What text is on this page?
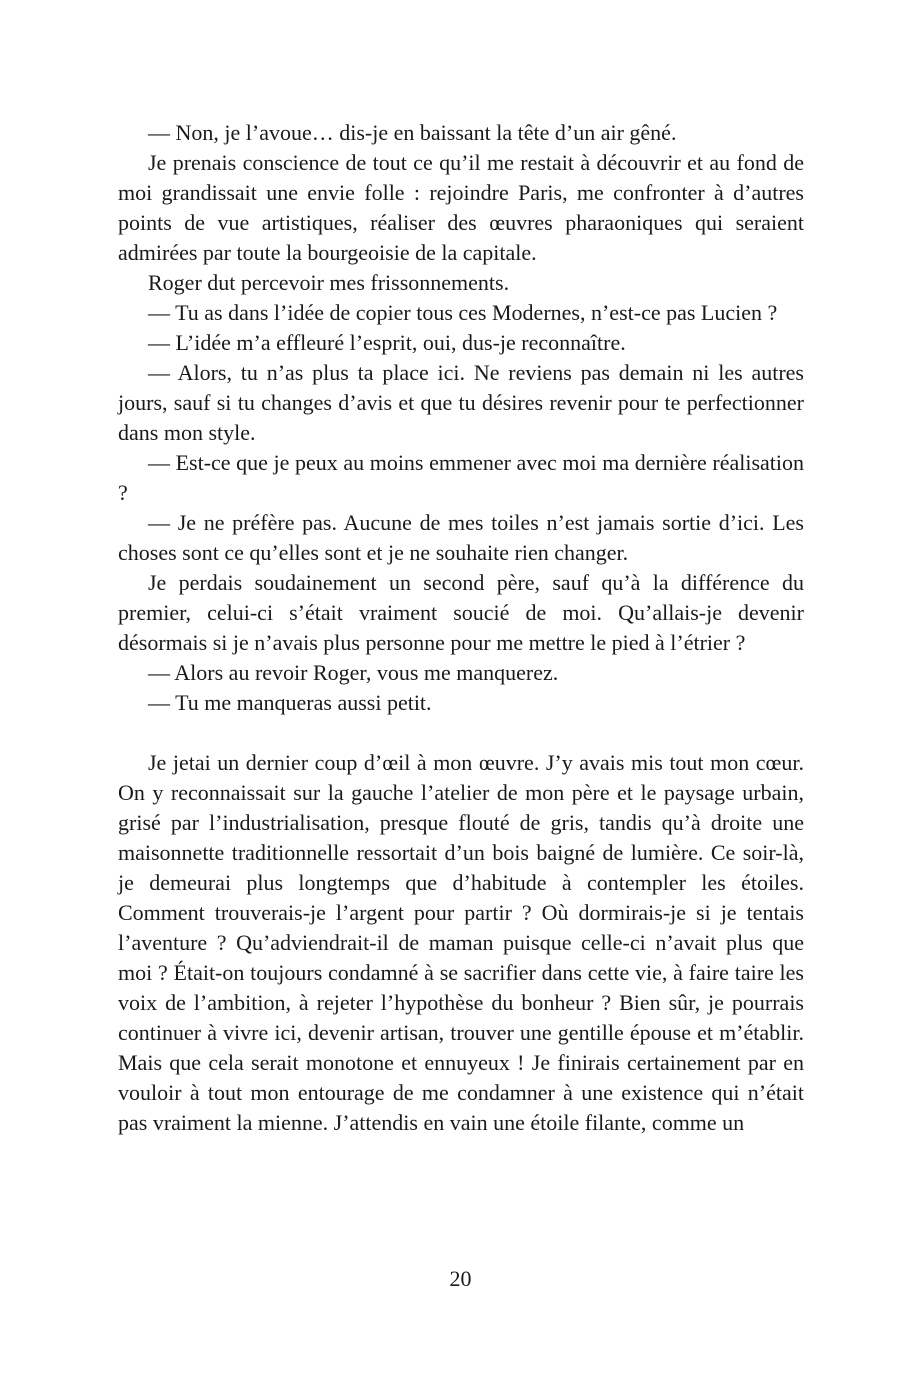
— Non, je l’avoue… dis-je en baissant la tête d’un air gêné.

Je prenais conscience de tout ce qu’il me restait à découvrir et au fond de moi grandissait une envie folle : rejoindre Paris, me confronter à d’autres points de vue artistiques, réaliser des œuvres pharaoniques qui seraient admirées par toute la bourgeoisie de la capitale.

Roger dut percevoir mes frissonnements.

— Tu as dans l’idée de copier tous ces Modernes, n’est-ce pas Lucien ?

— L’idée m’a effleuré l’esprit, oui, dus-je reconnaître.

— Alors, tu n’as plus ta place ici. Ne reviens pas demain ni les autres jours, sauf si tu changes d’avis et que tu désires revenir pour te perfectionner dans mon style.

— Est-ce que je peux au moins emmener avec moi ma dernière réalisation ?

— Je ne préfère pas. Aucune de mes toiles n’est jamais sortie d’ici. Les choses sont ce qu’elles sont et je ne souhaite rien changer.

Je perdais soudainement un second père, sauf qu’à la différence du premier, celui-ci s’était vraiment soucié de moi. Qu’allais-je devenir désormais si je n’avais plus personne pour me mettre le pied à l’étrier ?

— Alors au revoir Roger, vous me manquerez.

— Tu me manqueras aussi petit.

Je jetai un dernier coup d’œil à mon œuvre. J’y avais mis tout mon cœur. On y reconnaissait sur la gauche l’atelier de mon père et le paysage urbain, grisé par l’industrialisation, presque flouté de gris, tandis qu’à droite une maisonnette traditionnelle ressortait d’un bois baigné de lumière. Ce soir-là, je demeurai plus longtemps que d’habitude à contempler les étoiles. Comment trouverais-je l’argent pour partir ? Où dormirais-je si je tentais l’aventure ? Qu’adviendrait-il de maman puisque celle-ci n’avait plus que moi ? Était-on toujours condamné à se sacrifier dans cette vie, à faire taire les voix de l’ambition, à rejeter l’hypothèse du bonheur ? Bien sûr, je pourrais continuer à vivre ici, devenir artisan, trouver une gentille épouse et m’établir. Mais que cela serait monotone et ennuyeux ! Je finirais certainement par en vouloir à tout mon entourage de me condamner à une existence qui n’était pas vraiment la mienne. J’attendis en vain une étoile filante, comme un

20
